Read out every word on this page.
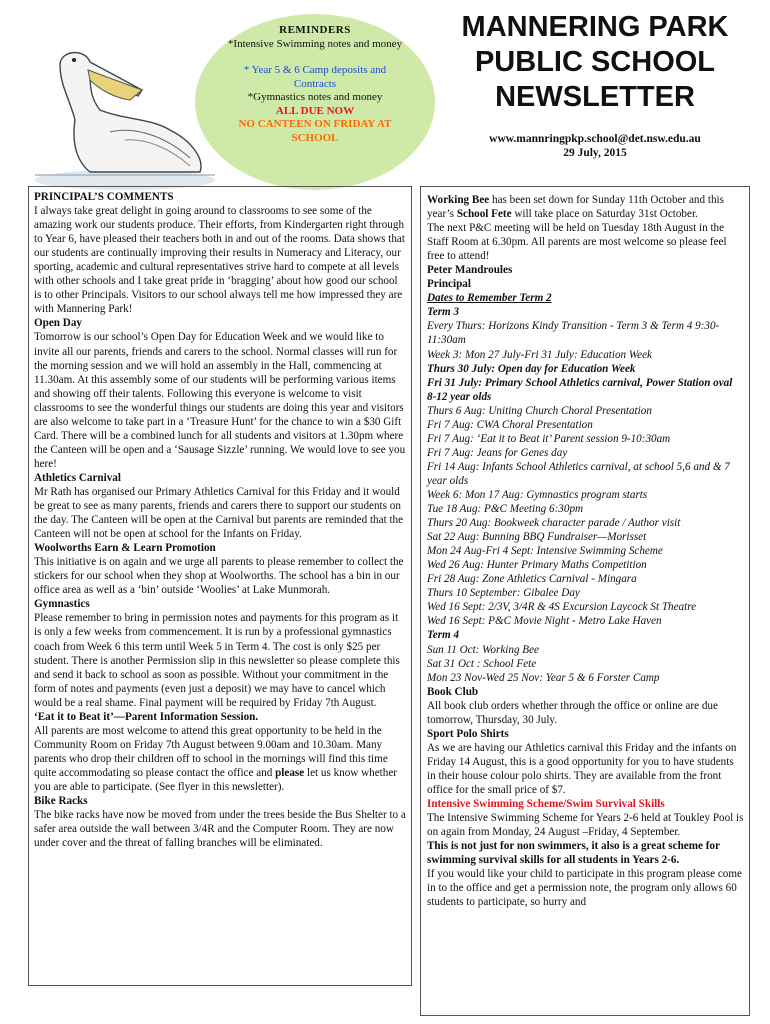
REMINDERS
*Intensive Swimming notes and money
* Year 5 & 6 Camp deposits and Contracts
*Gymnastics notes and money
ALL DUE NOW
NO CANTEEN ON FRIDAY AT SCHOOL
MANNERING PARK
PUBLIC SCHOOL
NEWSLETTER
www.mannringpkp.school@det.nsw.edu.au
29 July, 2015

PRINCIPAL’S COMMENTS

I always take great delight in going around to classrooms to see some of the amazing work our students produce. Their efforts, from Kindergarten right through to Year 6, have pleased their teachers both in and out of the rooms. Data shows that our students are continually improving their results in Numeracy and Literacy, our sporting, academic and cultural representatives strive hard to compete at all levels with other schools and I take great pride in ‘bragging’ about how good our school is to other Principals. Visitors to our school always tell me how impressed they are with Mannering Park!

Open Day

Tomorrow is our school’s Open Day for Education Week and we would like to invite all our parents, friends and carers to the school. Normal classes will run for the morning session and we will hold an assembly in the Hall, commencing at 11.30am. At this assembly some of our students will be performing various items and showing off their talents. Following this everyone is welcome to visit classrooms to see the wonderful things our students are doing this year and visitors are also welcome to take part in a ‘Treasure Hunt’ for the chance to win a $30 Gift Card. There will be a combined lunch for all students and visitors at 1.30pm where the Canteen will be open and a ‘Sausage Sizzle’ running. We would love to see you here!

Athletics Carnival

Mr Rath has organised our Primary Athletics Carnival for this Friday and it would be great to see as many parents, friends and carers there to support our students on the day. The Canteen will be open at the Carnival but parents are reminded that the Canteen will not be open at school for the Infants on Friday.

Woolworths Earn & Learn Promotion

This initiative is on again and we urge all parents to please remember to collect the stickers for our school when they shop at Woolworths. The school has a bin in our office area as well as a ‘bin’ outside ‘Woolies’ at Lake Munmorah.

Gymnastics

Please remember to bring in permission notes and payments for this program as it is only a few weeks from commencement. It is run by a professional gymnastics coach from Week 6 this term until Week 5 in Term 4. The cost is only $25 per student. There is another Permission slip in this newsletter so please complete this and send it back to school as soon as possible. Without your commitment in the form of notes and payments (even just a deposit) we may have to cancel which would be a real shame. Final payment will be required by Friday 7th August.

‘Eat it to Beat it’—Parent Information Session.

All parents are most welcome to attend this great opportunity to be held in the Community Room on Friday 7th August between 9.00am and 10.30am. Many parents who drop their children off to school in the mornings will find this time quite accommodating so please contact the office and please let us know whether you are able to participate. (See flyer in this newsletter).

Bike Racks

The bike racks have now be moved from under the trees beside the Bus Shelter to a safer area outside the wall between 3/4R and the Computer Room. They are now under cover and the threat of falling branches will be eliminated.

Working Bee has been set down for Sunday 11th October and this year’s School Fete will take place on Saturday 31st October.

The next P&C meeting will be held on Tuesday 18th August in the Staff Room at 6.30pm. All parents are most welcome so please feel free to attend!

Peter Mandroules

Principal

Dates to Remember Term 2

Term 3

Every Thurs: Horizons Kindy Transition - Term 3 & Term 4 9:30-11:30am

Week 3: Mon 27 July-Fri 31 July: Education Week

Thurs 30 July: Open day for Education Week

Fri 31 July: Primary School Athletics carnival, Power Station oval 8-12 year olds

Thurs 6 Aug: Uniting Church Choral Presentation

Fri 7 Aug: CWA Choral Presentation

Fri 7 Aug: ‘Eat it to Beat it’ Parent session 9-10:30am

Fri 7 Aug: Jeans for Genes day

Fri 14 Aug: Infants School Athletics carnival, at school 5,6 and & 7 year olds

Week 6: Mon 17 Aug: Gymnastics program starts

Tue 18 Aug: P&C Meeting 6:30pm

Thurs 20 Aug: Bookweek character parade / Author visit

Sat 22 Aug: Bunning BBQ Fundraiser—Morisset

Mon 24 Aug-Fri 4 Sept: Intensive Swimming Scheme

Wed 26 Aug: Hunter Primary Maths Competition

Fri 28 Aug: Zone Athletics Carnival - Mingara

Thurs 10 September: Gibalee Day

Wed 16 Sept: 2/3V, 3/4R & 4S Excursion Laycock St Theatre

Wed 16 Sept: P&C Movie Night - Metro Lake Haven

Term 4

Sun 11 Oct: Working Bee

Sat 31 Oct : School Fete

Mon 23 Nov-Wed 25 Nov: Year 5 & 6 Forster Camp

Book Club

All book club orders whether through the office or online are due tomorrow, Thursday, 30 July.

Sport Polo Shirts

As we are having our Athletics carnival this Friday and the infants on Friday 14 August, this is a good opportunity for you to have students in their house colour polo shirts. They are available from the front office for the small price of $7.

Intensive Swimming Scheme/Swim Survival Skills

The Intensive Swimming Scheme for Years 2-6 held at Toukley Pool is on again from Monday, 24 August –Friday, 4 September.

This is not just for non swimmers, it also is a great scheme for swimming survival skills for all students in Years 2-6.

If you would like your child to participate in this program please come in to the office and get a permission note, the program only allows 60 students to participate, so hurry and
